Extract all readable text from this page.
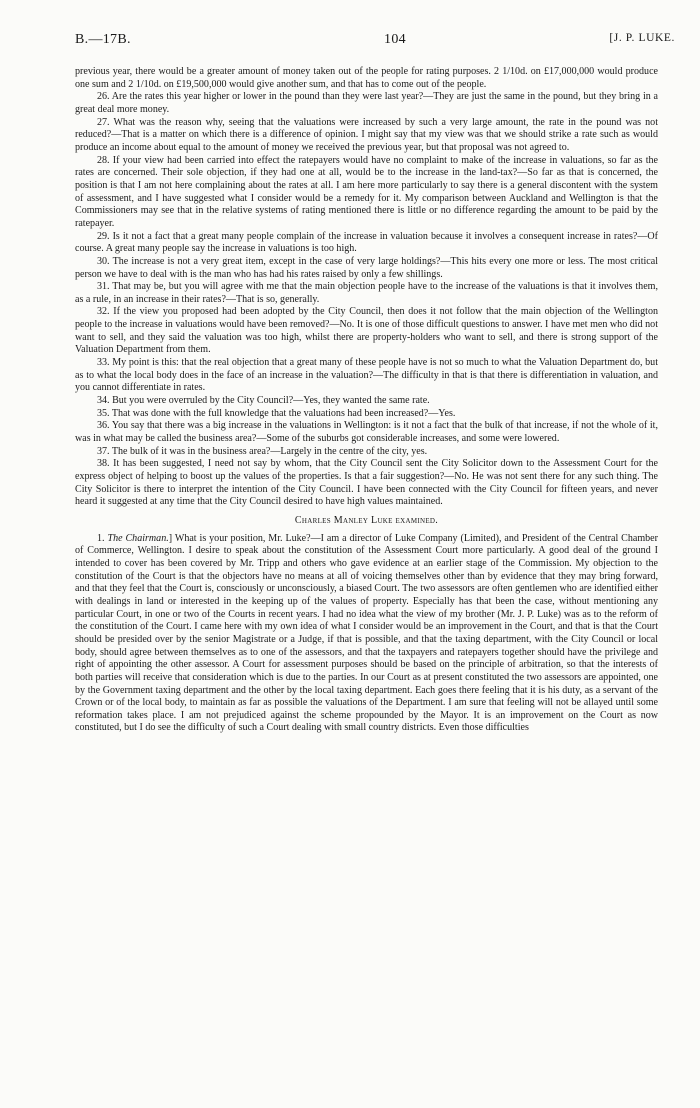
B.—17B.	104	[J. P. LUKE.

previous year, there would be a greater amount of money taken out of the people for rating purposes. 2 1/10d. on £17,000,000 would produce one sum and 2 1/10d. on £19,500,000 would give another sum, and that has to come out of the people.

26. Are the rates this year higher or lower in the pound than they were last year?—They are just the same in the pound, but they bring in a great deal more money.

27. What was the reason why, seeing that the valuations were increased by such a very large amount, the rate in the pound was not reduced?—That is a matter on which there is a difference of opinion. I might say that my view was that we should strike a rate such as would produce an income about equal to the amount of money we received the previous year, but that proposal was not agreed to.

28. If your view had been carried into effect the ratepayers would have no complaint to make of the increase in valuations, so far as the rates are concerned. Their sole objection, if they had one at all, would be to the increase in the land-tax?—So far as that is concerned, the position is that I am not here complaining about the rates at all. I am here more particularly to say there is a general discontent with the system of assessment, and I have suggested what I consider would be a remedy for it. My comparison between Auckland and Wellington is that the Commissioners may see that in the relative systems of rating mentioned there is little or no difference regarding the amount to be paid by the ratepayer.

29. Is it not a fact that a great many people complain of the increase in valuation because it involves a consequent increase in rates?—Of course. A great many people say the increase in valuations is too high.

30. The increase is not a very great item, except in the case of very large holdings?—This hits every one more or less. The most critical person we have to deal with is the man who has had his rates raised by only a few shillings.

31. That may be, but you will agree with me that the main objection people have to the increase of the valuations is that it involves them, as a rule, in an increase in their rates?—That is so, generally.

32. If the view you proposed had been adopted by the City Council, then does it not follow that the main objection of the Wellington people to the increase in valuations would have been removed?—No. It is one of those difficult questions to answer. I have met men who did not want to sell, and they said the valuation was too high, whilst there are property-holders who want to sell, and there is strong support of the Valuation Department from them.

33. My point is this: that the real objection that a great many of these people have is not so much to what the Valuation Department do, but as to what the local body does in the face of an increase in the valuation?—The difficulty in that is that there is differentiation in valuation, and you cannot differentiate in rates.

34. But you were overruled by the City Council?—Yes, they wanted the same rate.

35. That was done with the full knowledge that the valuations had been increased?—Yes.

36. You say that there was a big increase in the valuations in Wellington: is it not a fact that the bulk of that increase, if not the whole of it, was in what may be called the business area?—Some of the suburbs got considerable increases, and some were lowered.

37. The bulk of it was in the business area?—Largely in the centre of the city, yes.

38. It has been suggested, I need not say by whom, that the City Council sent the City Solicitor down to the Assessment Court for the express object of helping to boost up the values of the properties. Is that a fair suggestion?—No. He was not sent there for any such thing. The City Solicitor is there to interpret the intention of the City Council. I have been connected with the City Council for fifteen years, and never heard it suggested at any time that the City Council desired to have high values maintained.

Charles Manley Luke examined.

1. The Chairman.] What is your position, Mr. Luke?—I am a director of Luke Company (Limited), and President of the Central Chamber of Commerce, Wellington. I desire to speak about the constitution of the Assessment Court more particularly. A good deal of the ground I intended to cover has been covered by Mr. Tripp and others who gave evidence at an earlier stage of the Commission. My objection to the constitution of the Court is that the objectors have no means at all of voicing themselves other than by evidence that they may bring forward, and that they feel that the Court is, consciously or unconsciously, a biased Court. The two assessors are often gentlemen who are identified either with dealings in land or interested in the keeping up of the values of property. Especially has that been the case, without mentioning any particular Court, in one or two of the Courts in recent years. I had no idea what the view of my brother (Mr. J. P. Luke) was as to the reform of the constitution of the Court. I came here with my own idea of what I consider would be an improvement in the Court, and that is that the Court should be presided over by the senior Magistrate or a Judge, if that is possible, and that the taxing department, with the City Council or local body, should agree between themselves as to one of the assessors, and that the taxpayers and ratepayers together should have the privilege and right of appointing the other assessor. A Court for assessment purposes should be based on the principle of arbitration, so that the interests of both parties will receive that consideration which is due to the parties. In our Court as at present constituted the two assessors are appointed, one by the Government taxing department and the other by the local taxing department. Each goes there feeling that it is his duty, as a servant of the Crown or of the local body, to maintain as far as possible the valuations of the Department. I am sure that feeling will not be allayed until some reformation takes place. I am not prejudiced against the scheme propounded by the Mayor. It is an improvement on the Court as now constituted, but I do see the difficulty of such a Court dealing with small country districts. Even those difficulties
